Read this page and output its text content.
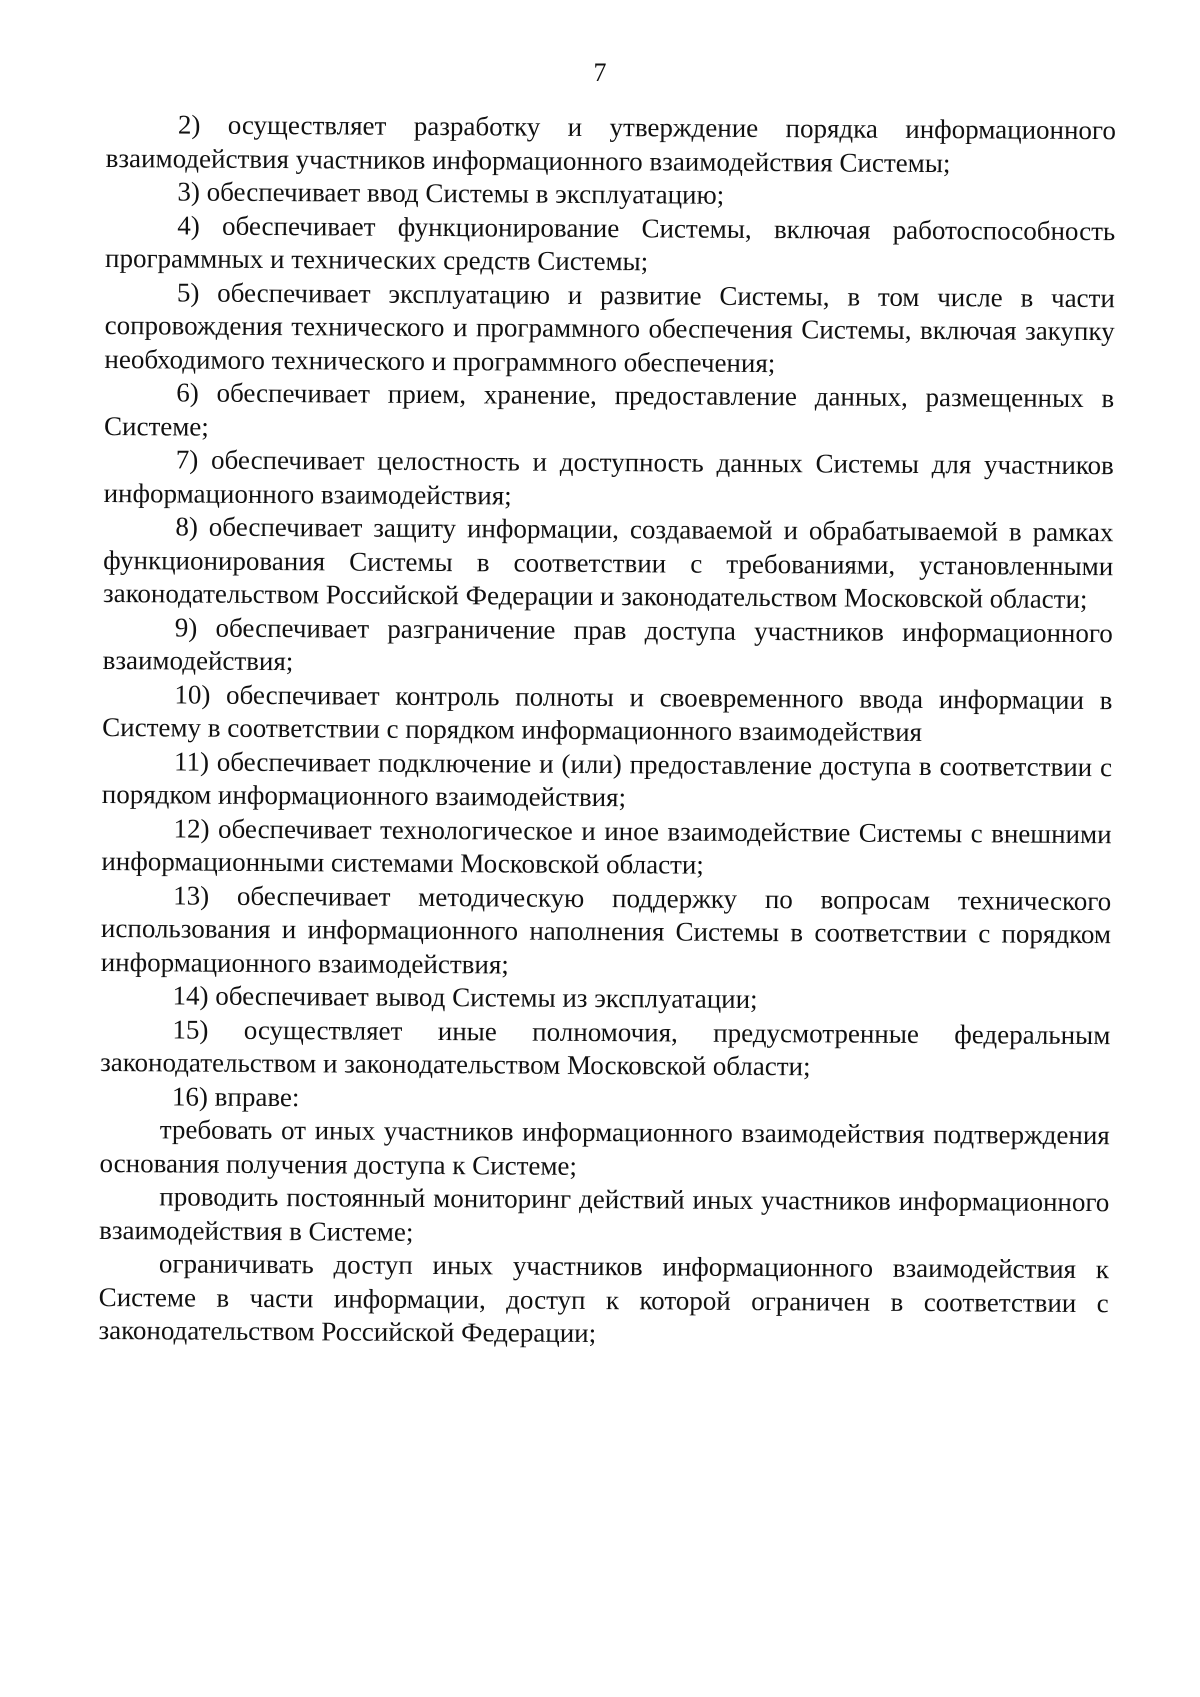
7

2) осуществляет разработку и утверждение порядка информационного взаимодействия участников информационного взаимодействия Системы;

3) обеспечивает ввод Системы в эксплуатацию;

4) обеспечивает функционирование Системы, включая работоспособность программных и технических средств Системы;

5) обеспечивает эксплуатацию и развитие Системы, в том числе в части сопровождения технического и программного обеспечения Системы, включая закупку необходимого технического и программного обеспечения;

6) обеспечивает прием, хранение, предоставление данных, размещенных в Системе;

7) обеспечивает целостность и доступность данных Системы для участников информационного взаимодействия;

8) обеспечивает защиту информации, создаваемой и обрабатываемой в рамках функционирования Системы в соответствии с требованиями, установленными законодательством Российской Федерации и законодательством Московской области;

9) обеспечивает разграничение прав доступа участников информационного взаимодействия;

10) обеспечивает контроль полноты и своевременного ввода информации в Систему в соответствии с порядком информационного взаимодействия

11) обеспечивает подключение и (или) предоставление доступа в соответствии с порядком информационного взаимодействия;

12) обеспечивает технологическое и иное взаимодействие Системы с внешними информационными системами Московской области;

13) обеспечивает методическую поддержку по вопросам технического использования и информационного наполнения Системы в соответствии с порядком информационного взаимодействия;

14) обеспечивает вывод Системы из эксплуатации;

15) осуществляет иные полномочия, предусмотренные федеральным законодательством и законодательством Московской области;

16) вправе:

требовать от иных участников информационного взаимодействия подтверждения основания получения доступа к Системе;

проводить постоянный мониторинг действий иных участников информационного взаимодействия в Системе;

ограничивать доступ иных участников информационного взаимодействия к Системе в части информации, доступ к которой ограничен в соответствии с законодательством Российской Федерации;
